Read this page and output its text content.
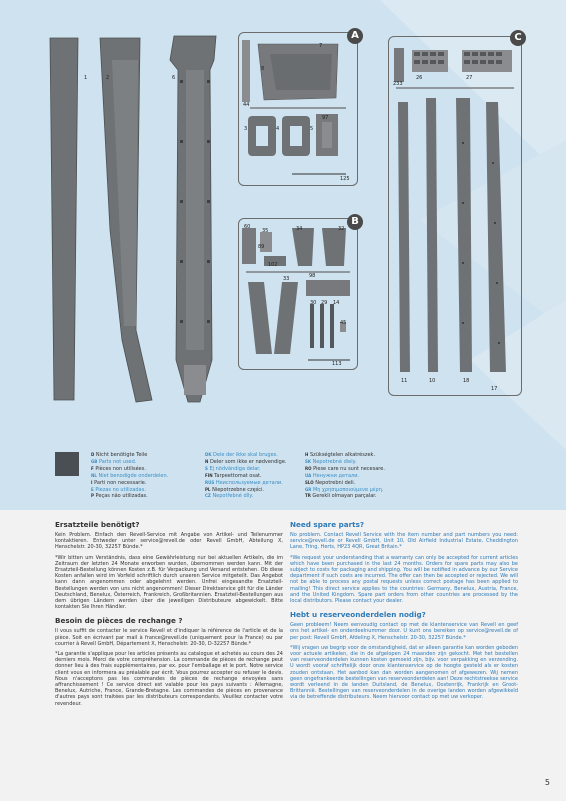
1	2	6
A
7
8
3	4	5
125
44
97
B
60
35	34	32
102
89
33	98
30 29 14
45
113
C
233
26	27
11	10	18
17
D Nicht benötigte Teile
GB Parts not used.
F Pièces non utilisées.
NL Niet benodigde onderdelen.
I Parti non necessarie.
E Piezas no utilizadas.
P Peças não utilizadas.
DK Dele der ikke skal bruges.
N Deler som ikke er nødvendige.
S Ej nödvändiga delar.
FIN Tarpeettomat osat.
RUS Неиспользуемые детали.
PL Niepotrzebne części.
CZ Nepotřebné díly.
H Szükségtelen alkatrészek.
SK Nepotrebné diely.
RO Piese care nu sunt necesare.
UA Ненужни детали.
SLO Nepotrebni deli.
GR Μη χρησιμοποιούμενα μέρη.
TR Gerekli olmayan parçalar.
Ersatzteile benötigt?
Kein Problem. Einfach den Revell-Service mit Angabe von Artikel- und Teilenummer kontaktieren. Entweder unter service@revell.de oder Revell GmbH, Abteilung X, Henschelstr. 20-30, 32257 Bünde.*
*Wir bitten um Verständnis, dass eine Gewährleistung nur bei aktuellen Artikeln, die im Zeitraum der letzten 24 Monate erworben wurden, übernommen werden kann. Mit der Ersatzteil-Bestellung können Kosten z.B. für Verpackung und Versand entstehen. Ob diese Kosten anfallen wird im Vorfeld schriftlich durch unseren Service mitgeteilt. Das Angebot kann dann angenommen oder abgelehnt werden. Unfrei eingesandte Ersatzteil-Bestellungen werden von uns nicht angenommen! Dieser Direktservice gilt für die Länder Deutschland, Benelux, Österreich, Frankreich, Großbritannien. Ersatzteil-Bestellungen aus dem übrigen Ländern werden über die jeweiligen Distributeure abgewickelt. Bitte kontakten Sie Ihren Händler.
Besoin de pièces de rechange ?
Il vous suffit de contacter le service Revell et d'indiquer la référence de l'article et de la pièce. Soit en écrivant par mail à france@revell.de (uniquement pour la France) ou par courrier à Revell GmbH, Département X, Henschelstr. 20-30, D-32257 Bünde.*
*La garantie s'applique pour les articles présents au catalogue et achetés au cours des 24 derniers mois. Merci de votre compréhension. La commande de pièces de rechange peut donner lieu à des frais supplémentaires, par ex. pour l'emballage et le port. Notre service client vous en informera au préalable par écrit. Vous pourrez accepter ou refuser le devis. Nous n'acceptons pas les commandes de pièces de rechange envoyées sans affranchissement ! Ce service direct est valable pour les pays suivants : Allemagne, Benelux, Autriche, France, Grande-Bretagne. Les commandes de pièces en provenance d'autres pays sont traitées par les distributeurs correspondants. Veuillez contacter votre revendeur.
Need spare parts?
No problem. Contact Revell Service with the item number and part numbers you need: service@revell.de or Revell GmbH, Unit 10, Old Airfield Industrial Estate, Cheddington Lane, Tring, Herts, HP23 4QR, Great Britain.*
*We request your understanding that a warranty can only be accepted for current articles which have been purchased in the last 24 months. Orders for spare parts may also be subject to costs for packaging and shipping. You will be notified in advance by our Service department if such costs are incurred. The offer can then be accepted or rejected. We will not be able to process any postal requests unless correct postage has been applied to mailing! This direct service applies to the countries: Germany, Benelux, Austria, France, and the United Kingdom. Spare part orders from other countries are processed by the local distributors. Please contact your dealer.
Hebt u reserveonderdelen nodig?
Geen probleem! Neem eenvoudig contact op met de klantenservice van Revell en geef ons het artikel- en onderdeelnummer door. U kunt ons bereiken op service@revell.de of per post: Revell GmbH, Afdeling X, Henschelstr. 20-30, 32257 Bünde.*
*Wij vragen uw begrip voor de omstandigheid, dat er alleen garantie kan worden geboden voor actuele artikelen, die in de afgelopen 24 maanden zijn gekocht. Met het bestellen van reserveonderdelen kunnen kosten gemoeid zijn, bijv. voor verpakking en verzending. U wordt vooraf schriftelijk door onze klantenservice op de hoogte gesteld als er kosten zouden ontstaan. Het aanbod kan dan worden aangenomen of afgewezen. Wij nemen geen ongefrankeerde bestellingen van reserveonderdelen aan! Deze rechtstreekse service wordt verleend in de landen Duitsland, de Benelux, Oostenrijk, Frankrijk en Groot-Brittannië. Bestellingen van reserveonderdelen in de overige landen worden afgewikkeld via de betreffende distributeurs. Neem hiervoor contact op met uw verkoper.
5
